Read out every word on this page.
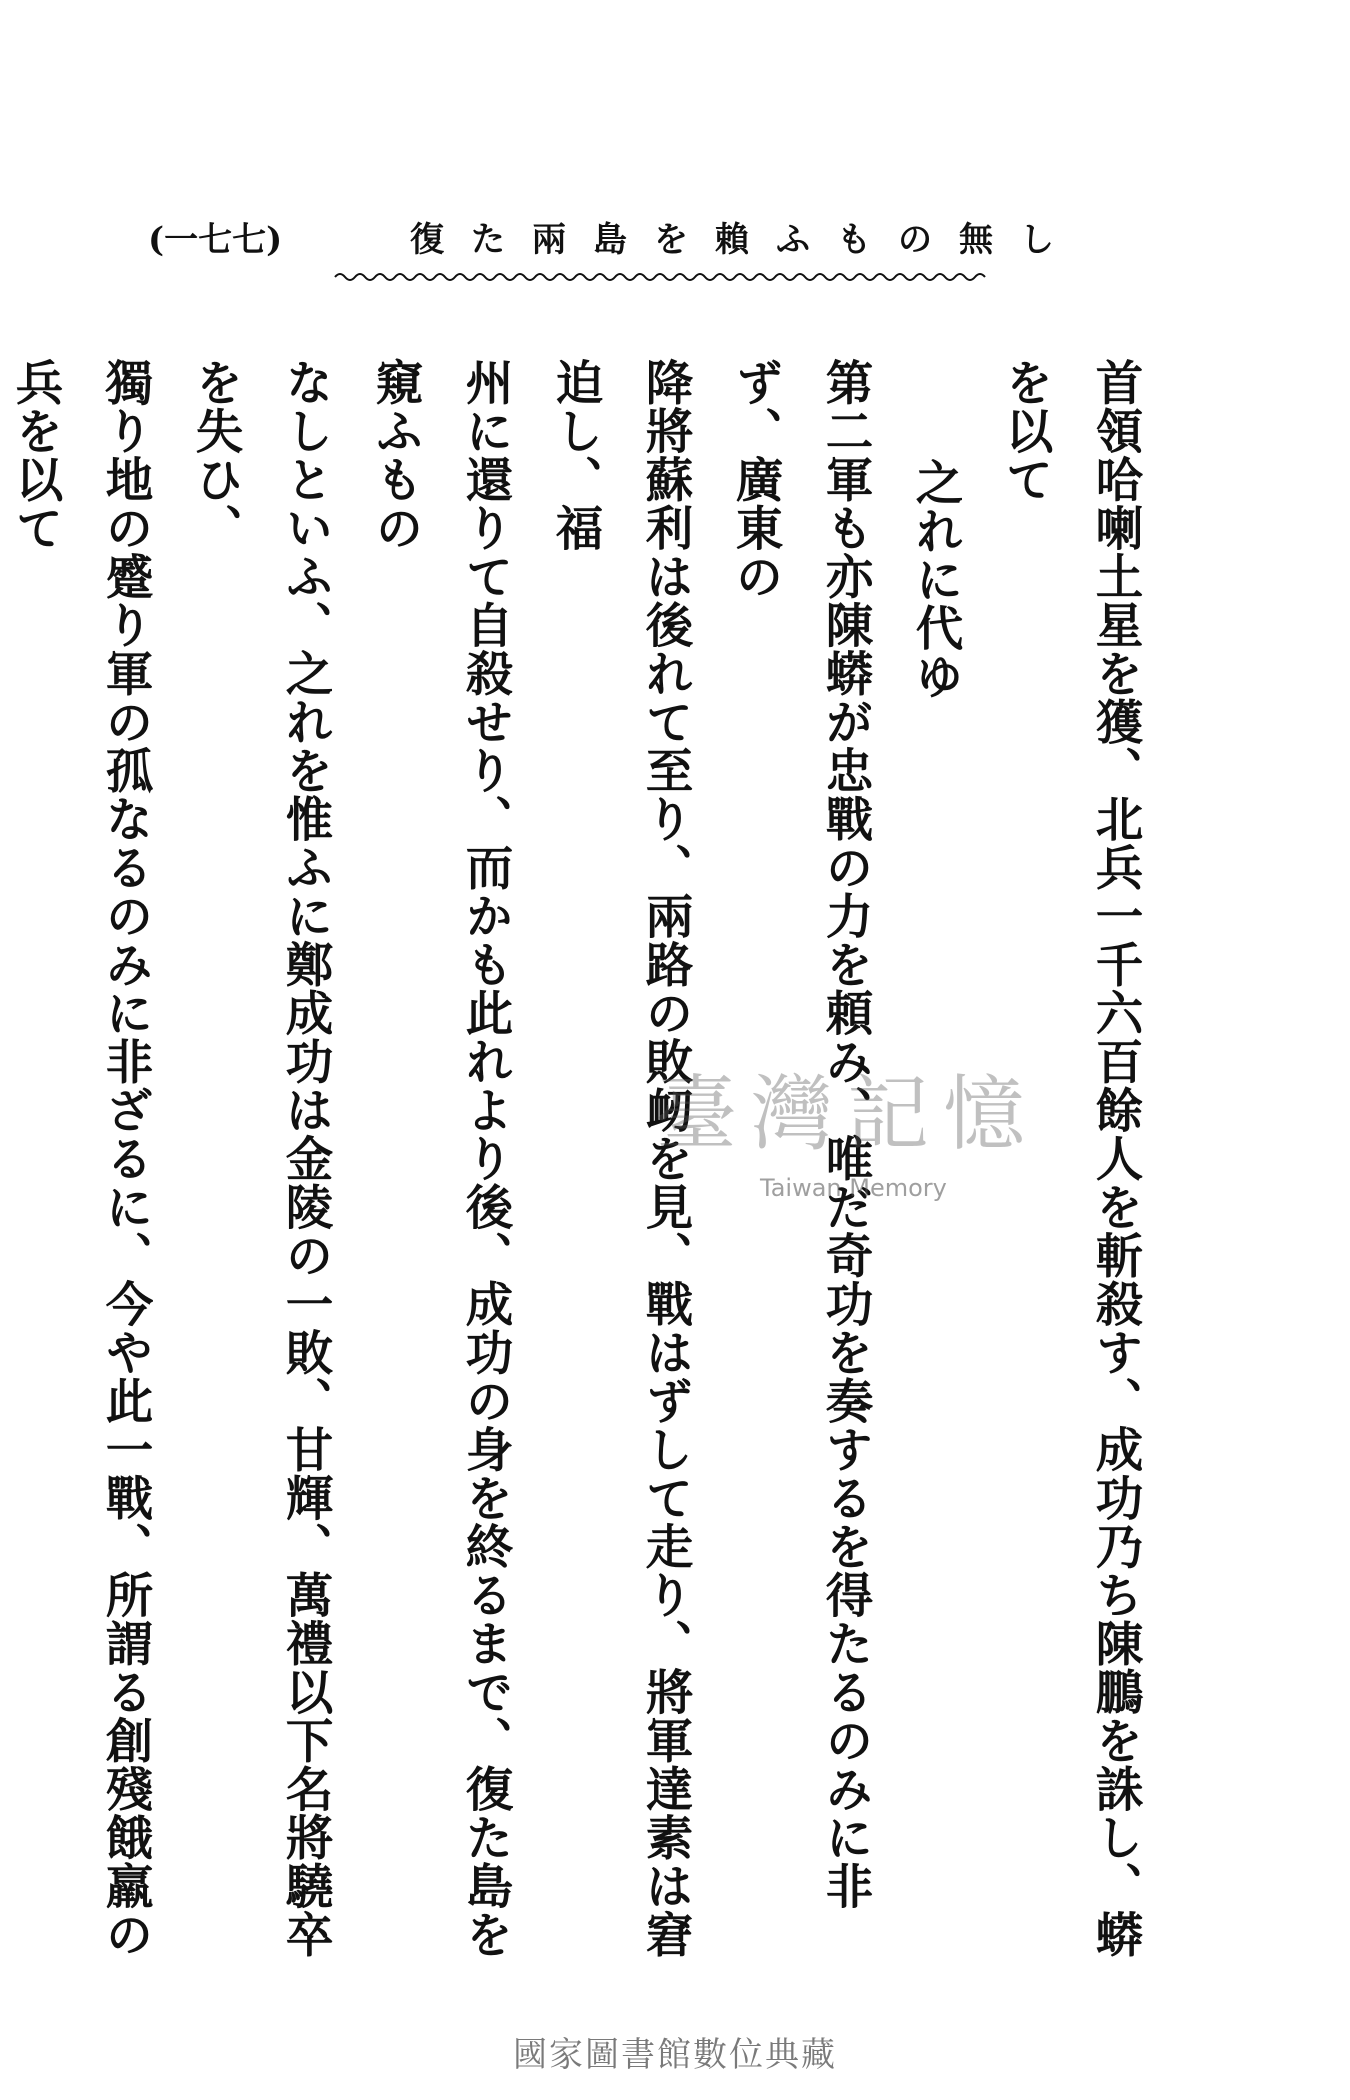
復た兩島を賴ふもの無し
(一七七)

首領哈喇土星を獲、北兵一千六百餘人を斬殺す、成功乃ち陳鵬を誅し、蟒を以て

之れに代ゆ

第二軍も亦陳蟒が忠戰の力を頼み、唯だ奇功を奏するを得たるのみに非ず、廣東の

降將蘇利は後れて至り、兩路の敗衂を見、戰はずして走り、將軍達素は窘迫し、福

州に還りて自殺せり、而かも此れより後、成功の身を終るまで、復た島を窺ふもの

なしといふ、之れを惟ふに鄭成功は金陵の一敗、甘輝、萬禮以下名將驍卒を失ひ、

獨り地の蹙り軍の孤なるのみに非ざるに、今や此一戰、所謂る創殘餓羸の兵を以て

臺灣記憶
Taiwan Memory
國家圖書館數位典藏
